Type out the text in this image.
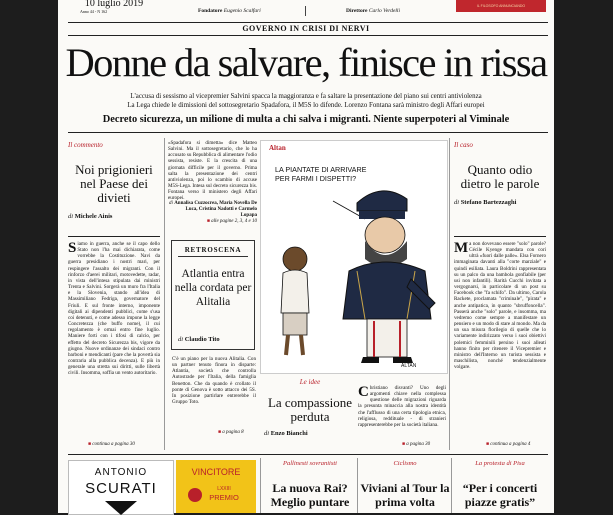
10 luglio 2019
Anno 44 - N 162	Fondatore Eugenio Scalfari	Direttore Carlo Verdelli
IL FILOSOFO ANNUNCIANDO
GOVERNO IN CRISI DI NERVI
Donne da salvare, finisce in rissa
L'accusa di sessismo al vicepremier Salvini spacca la maggioranza e fa saltare la presentazione del piano sui centri antiviolenza
La Lega chiede le dimissioni del sottosegretario Spadafora, il M5S lo difende. Lorenzo Fontana sarà ministro degli Affari europei
Decreto sicurezza, un milione di multa a chi salva i migranti. Niente superpoteri al Viminale
Il commento
Noi prigionieri nel Paese dei divieti
di Michele Ainis
Siamo in guerra, anche se il capo dello Stato non l'ha mai dichiarata, come vorrebbe la Costituzione. Navi da guerra presidiano i nostri mari, per respingere l'assalto dei migranti. Con il rinforzo d'aerei militari, motovedette, radar, in vista dell'intesa stipulata dai ministri Trenta e Salvini. Sorgerà un muro fra l'Italia e la Slovenia, stando all'idea di Massimiliano Fedriga, governatore del Friuli. E sul fronte interno, imponente digitali ai dipendenti pubblici, come s'usa coi detenuti, e come adesso impone la legge Concretezza (che buffo nome), il cui regolamento è ormai entro fine luglio. Maniere forti con i tifosi di calcio, per effetto del decreto Sicurezza bis, vigore da giugno. Nuove ordinanze dei sindaci contro barboni e mendicanti (pare che la povertà sia contraria alla pubblica decenza). E più in generale una stretta sui diritti, sulle libertà civili. Insomma, soffia un vento autoritario.
■ continua a pagina 30
«Spadafora si dimetta» dice Matteo Salvini. Ma il sottosegretario, che lo ha accusato su Repubblica di alimentare l'odio sessista, resiste. E la crescita di una giornata difficile per il governo. Prima salta la presentazione dei centri antiviolenza, poi lo scambio di accuse M5S-Lega. Intesa sul decreto sicurezza bis. Fontana verso il ministero degli Affari europei.
di Annalisa Cuzzocrea, Maria Novella De Luca, Cristina Nadotti e Carmelo Lopapa
■ alle pagine 2, 3, 4 e 10
RETROSCENA
Atlantia entra nella cordata per Alitalia
di Claudio Tito
C'è un piano per la nuova Alitalia. Con un partner tenuto finora in disparte: Atlantia, società che controlla Autostrade per l'Italia, della famiglia Benetton. Che da quando è crollato il ponte di Genova è sotto attacco dei 5S. In posizione partirlare entrerebbe il Gruppo Toto.
■ a pagina 8
Altan
LA PIANTATE DI ARRIVARE PER FARMI I DISPETTI?
ALTAN
Il caso
Quanto odio dietro le parole
di Stefano Bartezzaghi
Ma non dovevano essere "solo" parole? Cécile Kyenge mandata con cori ultrà «fuori dalle palle». Elsa Fornero immaginata davanti alla "corte marziale" e quindi esiliata. Laura Boldrini rappresentata su un palco da una bambola gonfiabile (per usi non infantili). Rarità Cucchi invitata a vergognarsi, in particolare di un post su Facebook che "fa schifo". Da ultimo, Carola Rackete, proclamata "criminale", "pirata" e anche antipatica, in quanto "sbruffoncella". Passerà anche "solo" parole, e insomma, ma vedremo come sempre a manifestare un pensiero e un modo di stare al mondo. Ma da un sua misura florilegio di quelle che lo variamente indirizzato verso i suoi obiettivi polemici femminili persino i suoi alleati hanno finito per ritenere il Vicepremier e ministro dell'Interno un turista sessista e maschilista, nonché tendenzialmente volgare.
■ continua a pagina 4
Le idee
La compassione perduta
di Enzo Bianchi
Christiano disvanti? Uno degli argomenti chiave nella complessa questione delle migrazioni riguarda la presunta minaccia alla nostra identità che l'afflusso di una certa tipologia etnica, religiosa, reddituale - di stranieri rappresenterebbe per la società italiana.
■ a pagina 30
ANTONIO
SCURATI
VINCITORE
LXXIII
PREMIO
Pallinesti sovraniisti
La nuova Rai? Meglio puntare
Ciclismo
Viviani al Tour la prima volta
La protesta di Pisa
“Per i concerti piazze gratis”
